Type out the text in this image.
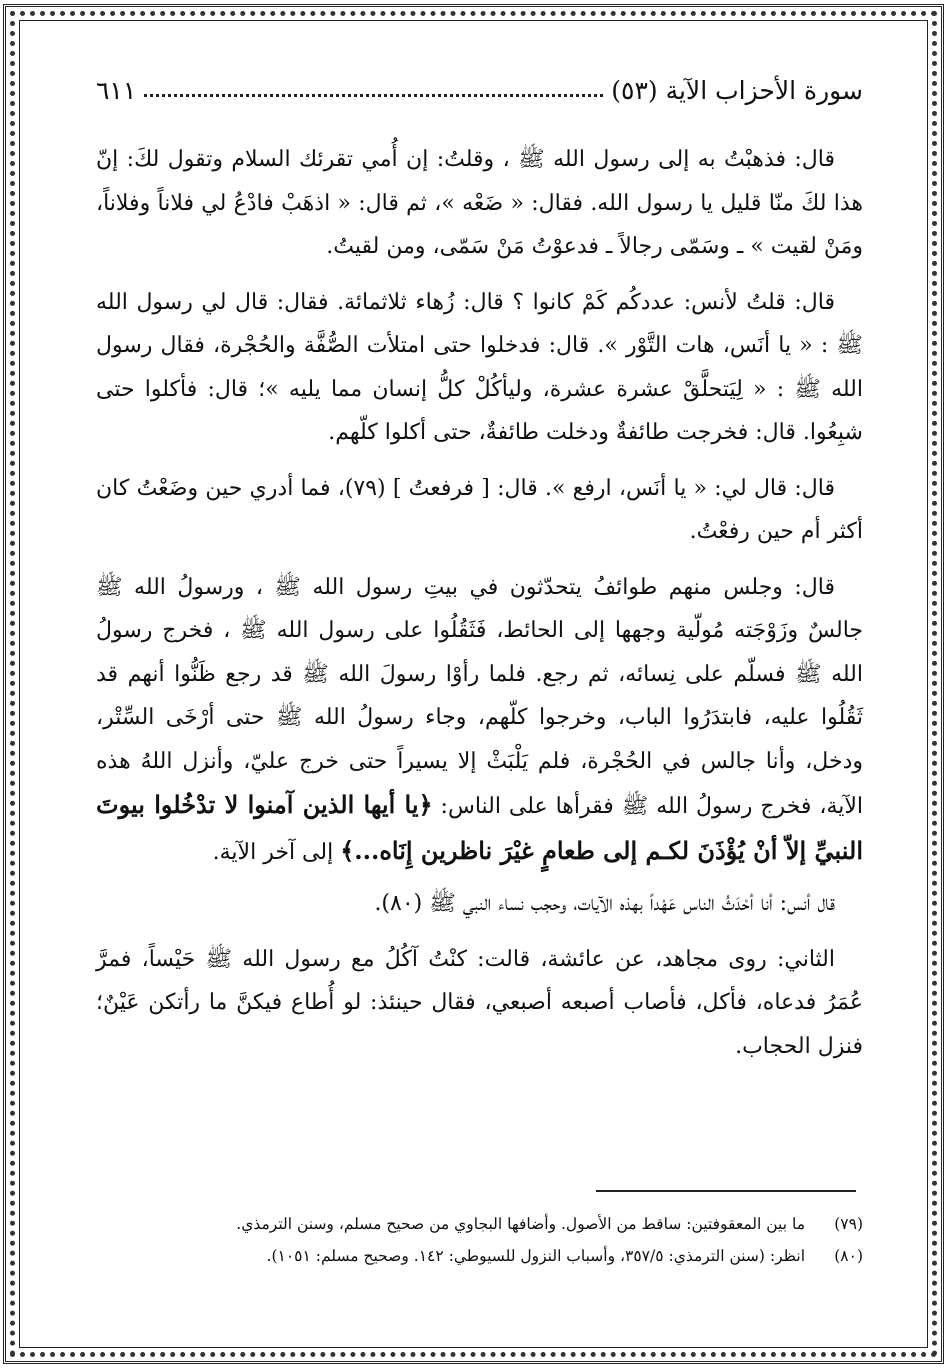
سورة الأحزاب الآية (٥٣)
٦١١

قال: فذهبْتُ به إلى رسول الله ﷺ ، وقلتُ: إن أُمي تقرئك السلام وتقول لكَ: إنّ هذا لكَ منّا قليل يا رسول الله. فقال: « ضَعْه »، ثم قال: « اذهَبْ فادْعُ لي فلاناً وفلاناً، ومَنْ لقيت » ـ وسَمّى رجالاً ـ فدعوْتُ مَنْ سَمّى، ومن لقيتُ.

قال: قلتُ لأنس: عددكُم كَمْ كانوا ؟ قال: زُهاء ثلاثمائة. فقال: قال لي رسول الله ﷺ : « يا أنَس، هات التَّوْر ». قال: فدخلوا حتى امتلأت الصُّفَّة والحُجْرة، فقال رسول الله ﷺ : « لِيَتحلَّقْ عشرة عشرة، وليأكُلْ كلُّ إنسان مما يليه »؛ قال: فأكلوا حتى شبِعُوا. قال: فخرجت طائفةٌ ودخلت طائفةٌ، حتى أكلوا كلّهم.

قال: قال لي: « يا أنَس، ارفع ». قال: [ فرفعتُ ] (٧٩)، فما أدري حين وضَعْتُ كان أكثر أم حين رفعْتُ.

قال: وجلس منهم طوائفُ يتحدّثون في بيتِ رسول الله ﷺ ، ورسولُ الله ﷺ جالسٌ وزَوْجَته مُولّية وجهها إلى الحائط، فَثَقُلُوا على رسول الله ﷺ ، فخرج رسولُ الله ﷺ فسلّم على نِسائه، ثم رجع. فلما رأوْا رسولَ الله ﷺ قد رجع ظَنُّوا أنهم قد ثَقُلُوا عليه، فابتدَرُوا الباب، وخرجوا كلّهم، وجاء رسولُ الله ﷺ حتى أرْخَى السِّتْر، ودخل، وأنا جالس في الحُجْرة، فلم يَلْبَثْ إلا يسيراً حتى خرج عليّ، وأنزل اللهُ هذه الآية، فخرج رسولُ الله ﷺ فقرأها على الناس: ﴿يا أيها الذين آمنوا لا تدْخُلوا بيوتَ النبيِّ إلاّ أنْ يُؤْذَنَ لكـم إلى طعامٍ غيْرَ ناظرين إِنَاه...﴾ إلى آخر الآية.

قال أنس: أنا أحْدَثُ الناس عَهْداً بهذه الآيات، وحجب نساء النبي ﷺ (٨٠).

الثاني: روى مجاهد، عن عائشة، قالت: كنْتُ آكُلُ مع رسول الله ﷺ حَيْساً، فمرَّ عُمَرُ فدعاه، فأكل، فأصاب أصبعه أصبعي، فقال حينئذ: لو أُطاع فيكنَّ ما رأتكن عَيْنٌ؛ فنزل الحجاب.

(٧٩)
ما بين المعقوفتين: ساقط من الأصول. وأضافها البجاوي من صحيح مسلم، وسنن الترمذي.
(٨٠)
انظر: (سنن الترمذي: ٣٥٧/٥، وأسباب النزول للسيوطي: ١٤٢. وصحيح مسلم: ١٠٥١).
